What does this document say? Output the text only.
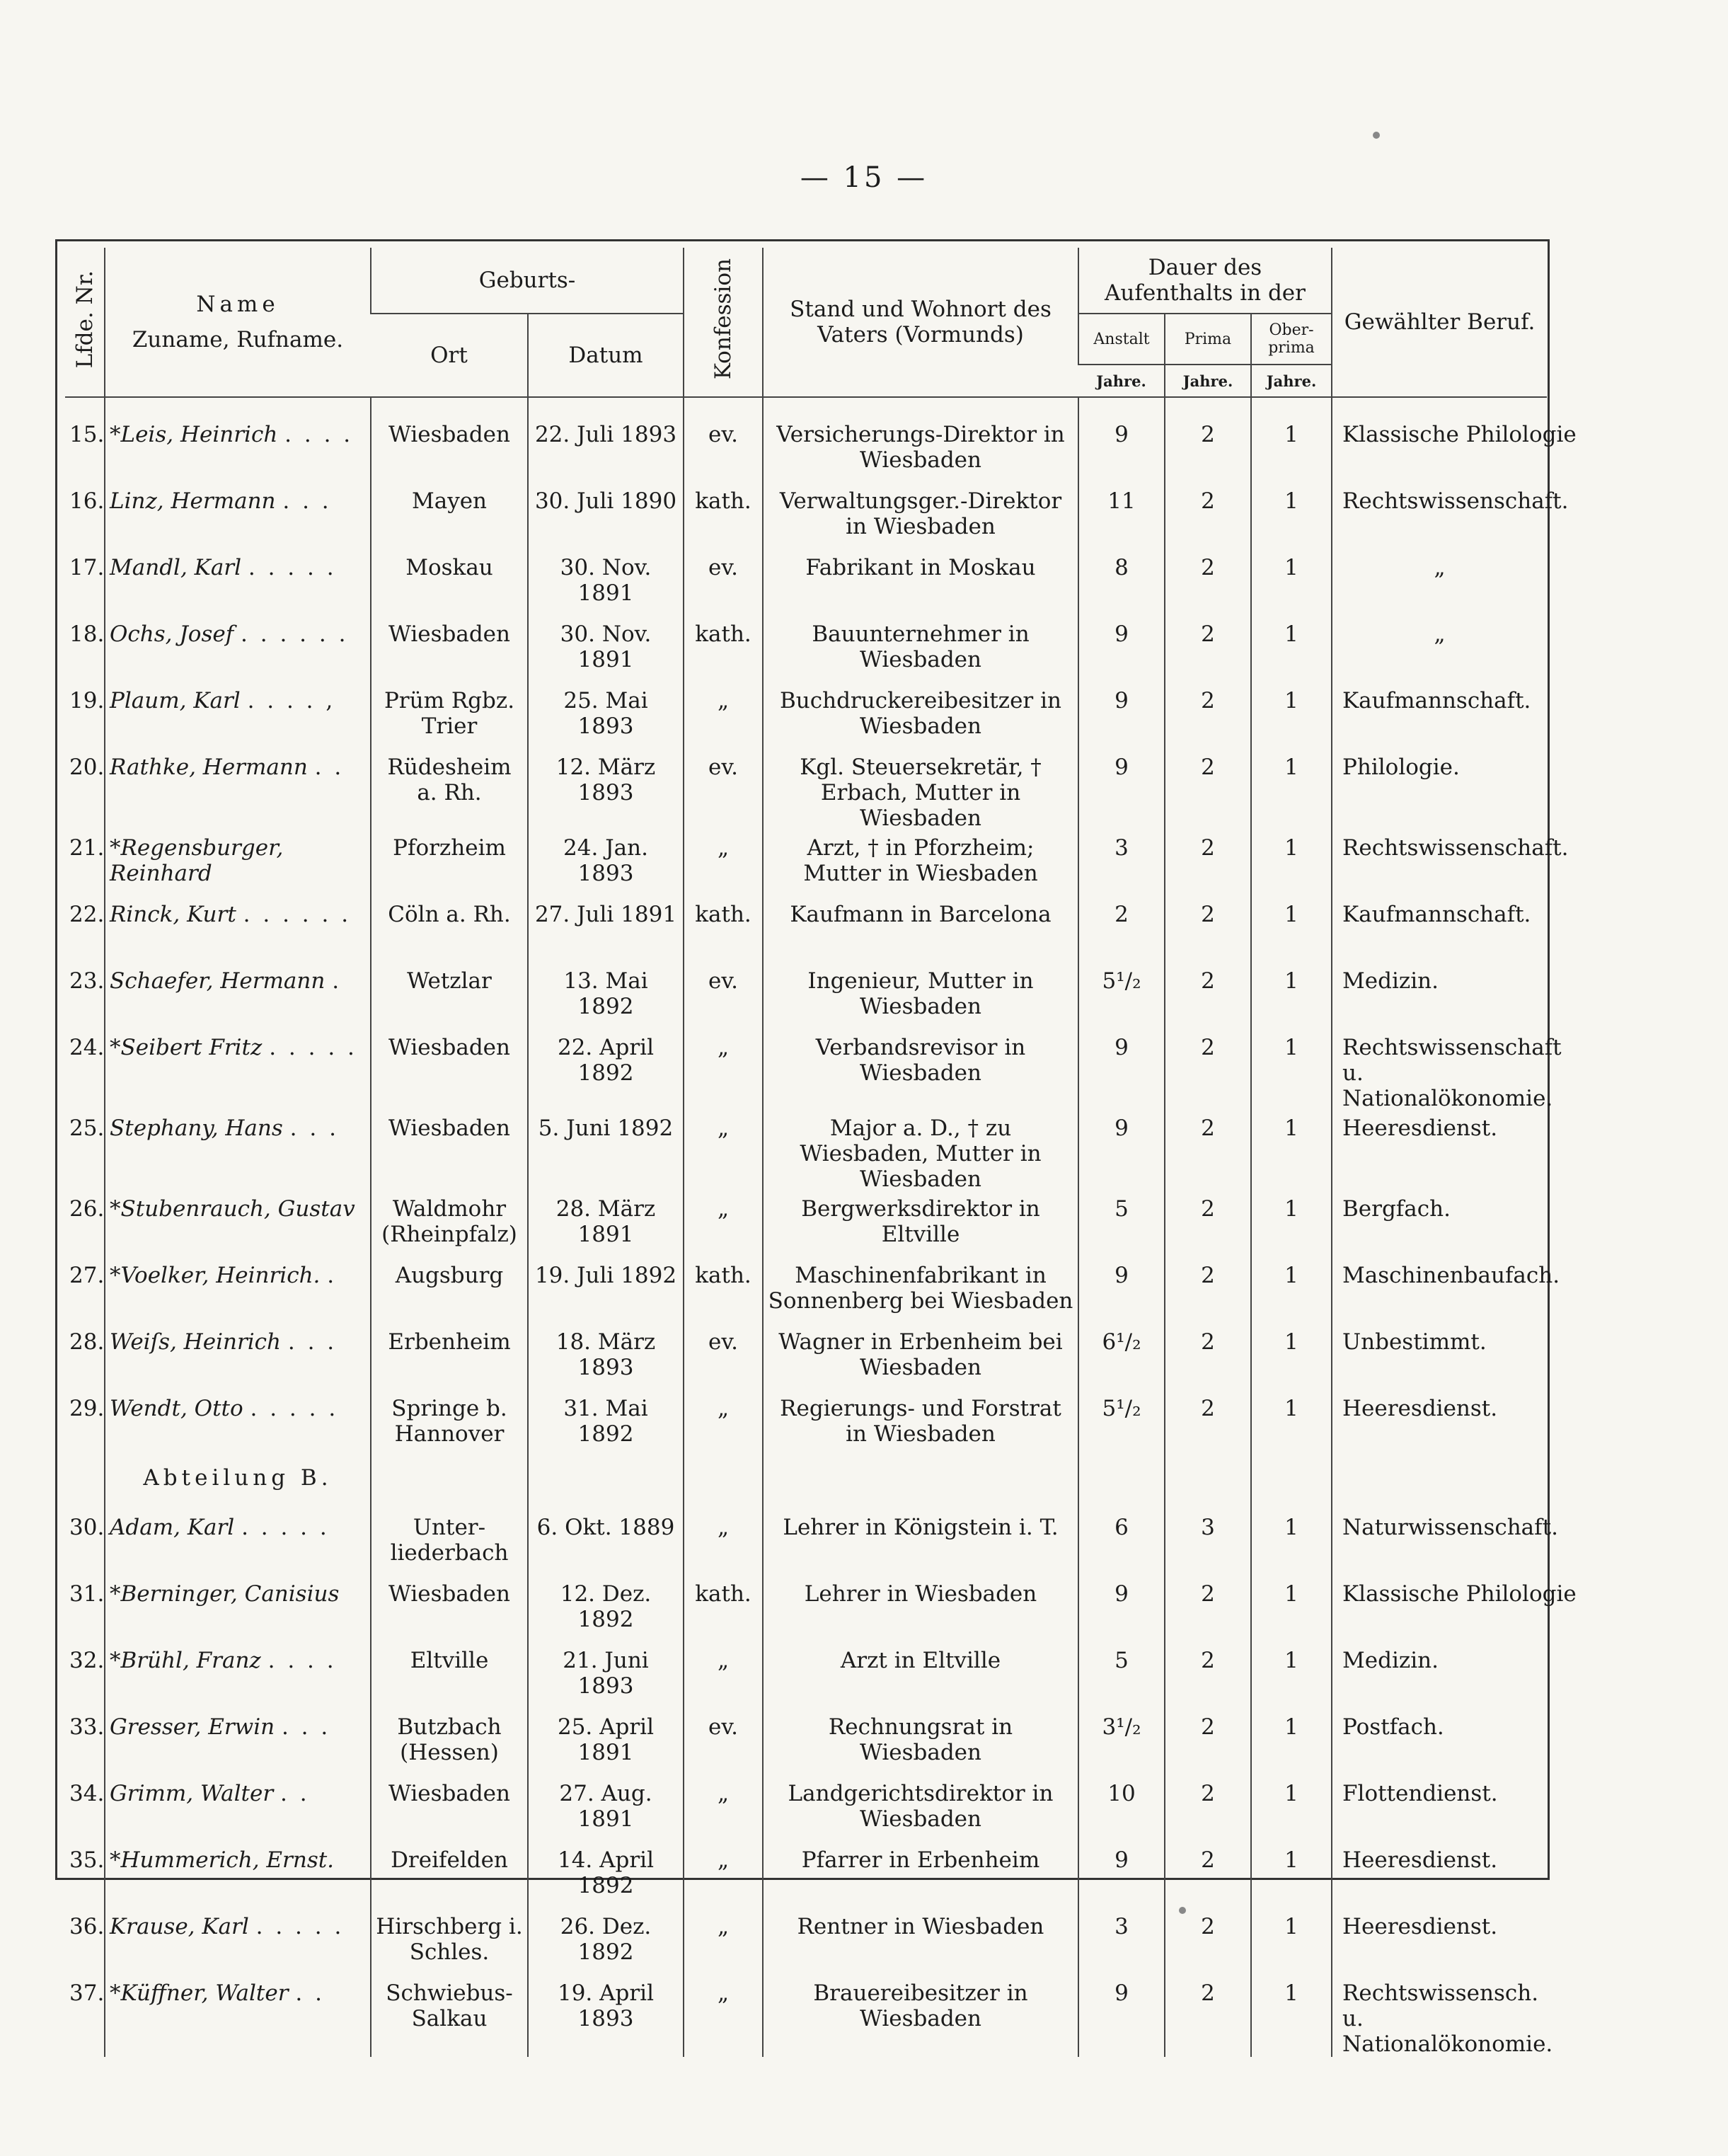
— 15 —
Lfde. Nr.	Name
Zuname, Rufname.	Geburts-		Konfession	Stand und Wohnort des Vaters (Vormunds)	Dauer des Aufenthalts in der			Gewählter Beruf.
		Ort	Datum			Anstalt	Prima	Ober-prima	
						Jahre.	Jahre.	Jahre.	

15.	*Leis, Heinrich . . . .	Wiesbaden	22. Juli 1893	ev.	Versicherungs-Direktor in Wiesbaden	9	2	1	Klassische Philologie
16.	Linz, Hermann . . .	Mayen	30. Juli 1890	kath.	Verwaltungsger.-Direktor in Wiesbaden	11	2	1	Rechtswissenschaft.
17.	Mandl, Karl . . . . .	Moskau	30. Nov. 1891	ev.	Fabrikant in Moskau	8	2	1	„
18.	Ochs, Josef . . . . . .	Wiesbaden	30. Nov. 1891	kath.	Bauunternehmer in Wiesbaden	9	2	1	„
19.	Plaum, Karl . . . . ,	Prüm Rgbz. Trier	25. Mai 1893	„	Buchdruckereibesitzer in Wiesbaden	9	2	1	Kaufmannschaft.
20.	Rathke, Hermann . .	Rüdesheim a. Rh.	12. März 1893	ev.	Kgl. Steuersekretär, † Erbach, Mutter in Wiesbaden	9	2	1	Philologie.
21.	*Regensburger, Reinhard	Pforzheim	24. Jan. 1893	„	Arzt, † in Pforzheim; Mutter in Wiesbaden	3	2	1	Rechtswissenschaft.
22.	Rinck, Kurt . . . . . .	Cöln a. Rh.	27. Juli 1891	kath.	Kaufmann in Barcelona	2	2	1	Kaufmannschaft.
23.	Schaefer, Hermann .	Wetzlar	13. Mai 1892	ev.	Ingenieur, Mutter in Wiesbaden	5¹/₂	2	1	Medizin.
24.	*Seibert Fritz . . . . .	Wiesbaden	22. April 1892	„	Verbandsrevisor in Wiesbaden	9	2	1	Rechtswissenschaft u. Nationalökonomie.
25.	Stephany, Hans . . .	Wiesbaden	5. Juni 1892	„	Major a. D., † zu Wiesbaden, Mutter in Wiesbaden	9	2	1	Heeresdienst.
26.	*Stubenrauch, Gustav	Waldmohr (Rheinpfalz)	28. März 1891	„	Bergwerksdirektor in Eltville	5	2	1	Bergfach.
27.	*Voelker, Heinrich. .	Augsburg	19. Juli 1892	kath.	Maschinenfabrikant in Sonnenberg bei Wiesbaden	9	2	1	Maschinenbaufach.
28.	Weiſs, Heinrich . . .	Erbenheim	18. März 1893	ev.	Wagner in Erbenheim bei Wiesbaden	6¹/₂	2	1	Unbestimmt.
29.	Wendt, Otto . . . . .	Springe b. Hannover	31. Mai 1892	„	Regierungs- und Forstrat in Wiesbaden	5¹/₂	2	1	Heeresdienst.
	Abteilung B.								
30.	Adam, Karl . . . . .	Unter-liederbach	6. Okt. 1889	„	Lehrer in Königstein i. T.	6	3	1	Naturwissenschaft.
31.	*Berninger, Canisius	Wiesbaden	12. Dez. 1892	kath.	Lehrer in Wiesbaden	9	2	1	Klassische Philologie
32.	*Brühl, Franz . . . .	Eltville	21. Juni 1893	„	Arzt in Eltville	5	2	1	Medizin.
33.	Gresser, Erwin . . .	Butzbach (Hessen)	25. April 1891	ev.	Rechnungsrat in Wiesbaden	3¹/₂	2	1	Postfach.
34.	Grimm, Walter . .	Wiesbaden	27. Aug. 1891	„	Landgerichtsdirektor in Wiesbaden	10	2	1	Flottendienst.
35.	*Hummerich, Ernst.	Dreifelden	14. April 1892	„	Pfarrer in Erbenheim	9	2	1	Heeresdienst.
36.	Krause, Karl . . . . .	Hirschberg i. Schles.	26. Dez. 1892	„	Rentner in Wiesbaden	3	2	1	Heeresdienst.
37.	*Küffner, Walter . .	Schwiebus-Salkau	19. April 1893	„	Brauereibesitzer in Wiesbaden	9	2	1	Rechtswissensch. u. Nationalökonomie.
